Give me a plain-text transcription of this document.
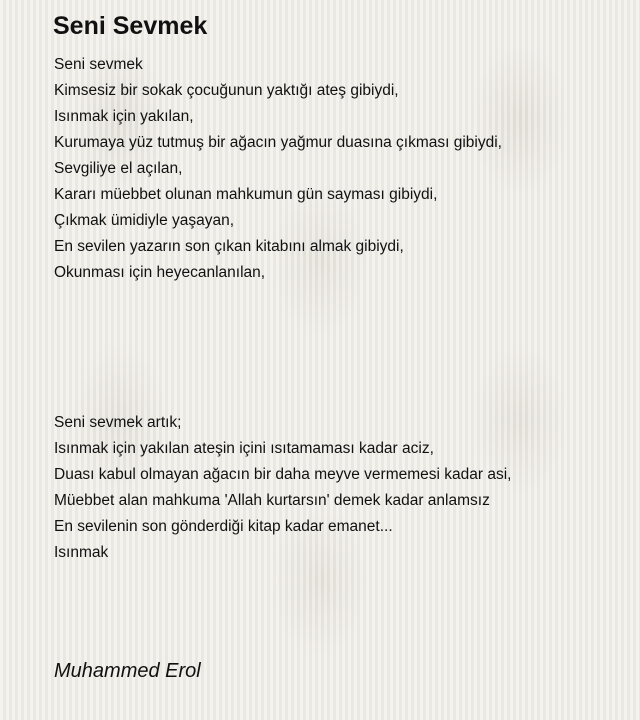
Seni Sevmek
Seni sevmek
Kimsesiz bir sokak çocuğunun yaktığı ateş gibiydi,
Isınmak için yakılan,
Kurumaya yüz tutmuş bir ağacın yağmur duasına çıkması gibiydi,
Sevgiliye el açılan,
Kararı müebbet olunan mahkumun gün sayması gibiydi,
Çıkmak ümidiyle yaşayan,
En sevilen yazarın son çıkan kitabını almak gibiydi,
Okunması için heyecanlanılan,
Seni sevmek artık;
Isınmak için yakılan ateşin içini ısıtamaması kadar aciz,
Duası kabul olmayan ağacın bir daha meyve vermemesi kadar asi,
Müebbet alan mahkuma 'Allah kurtarsın' demek kadar anlamsız
En sevilenin son gönderdiği kitap kadar emanet...
Isınmak

Muhammed Erol
